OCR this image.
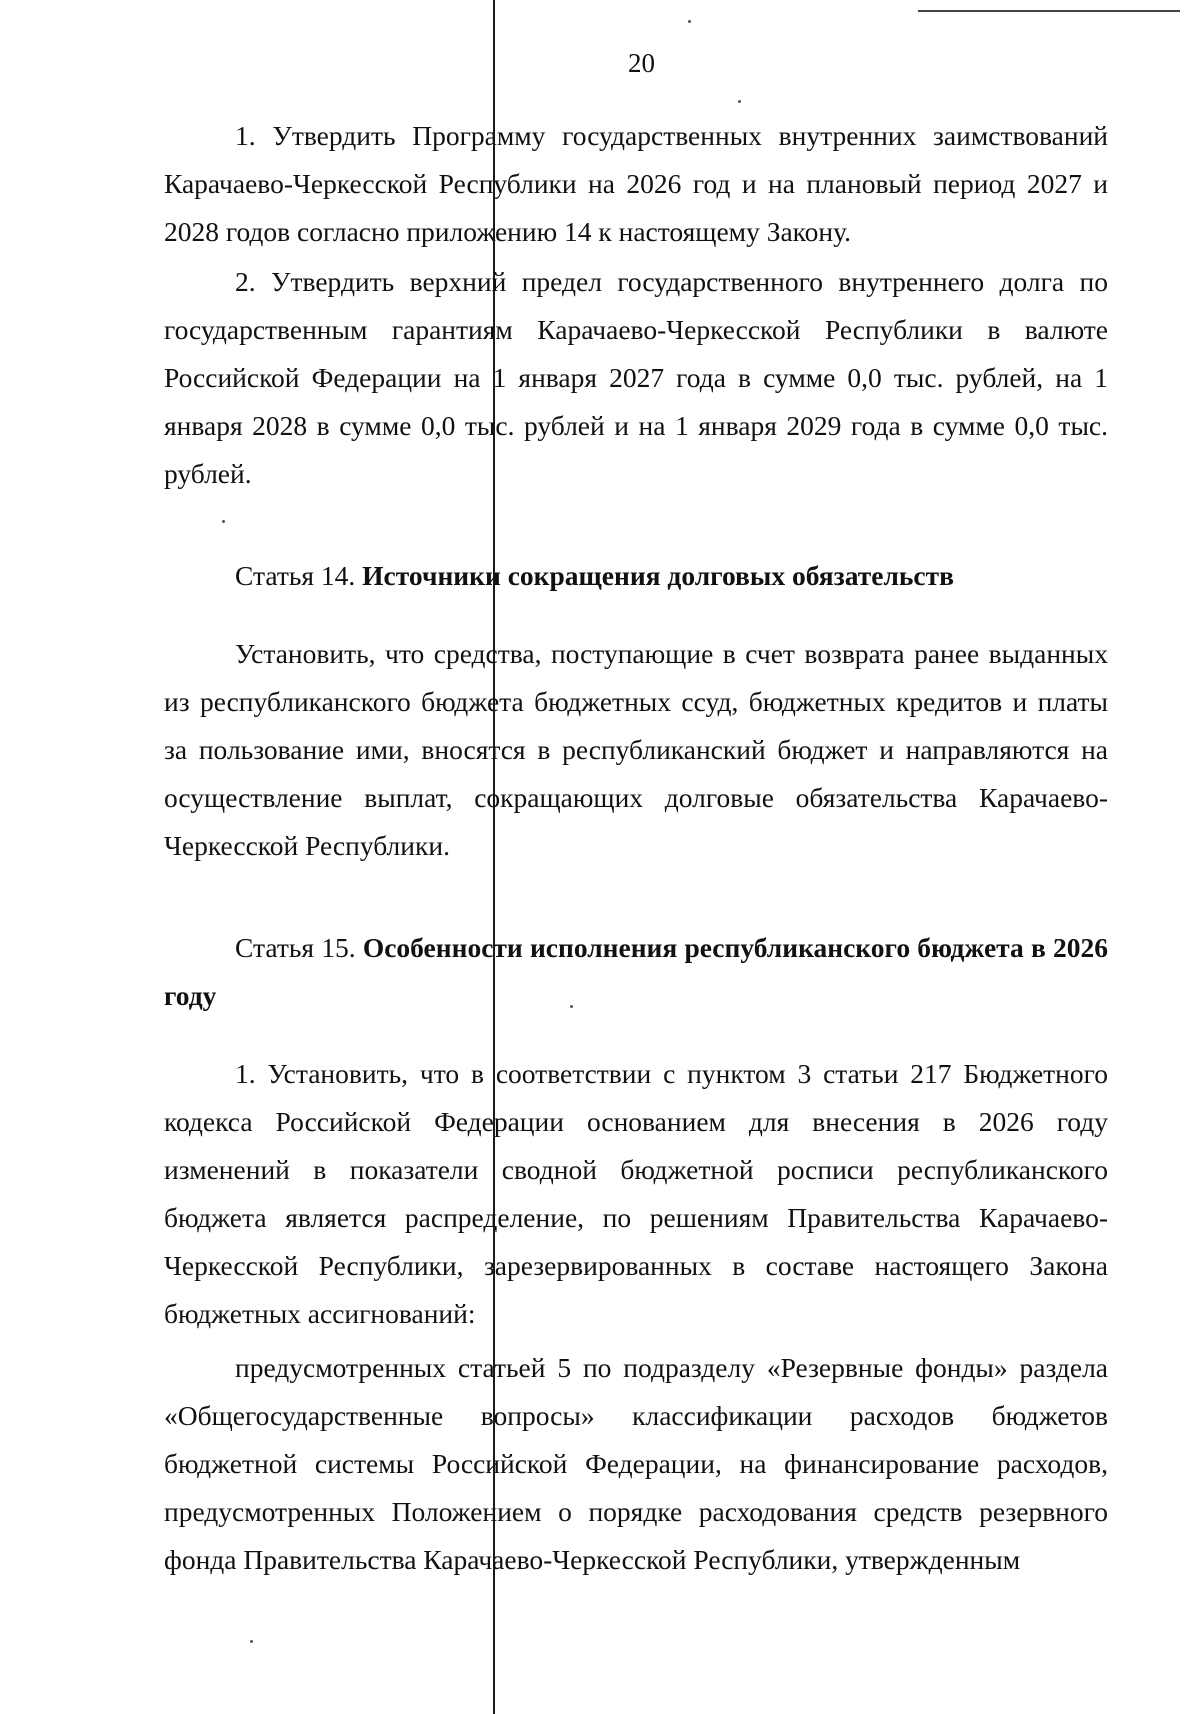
20

1. Утвердить Программу государственных внутренних заимствований Карачаево-Черкесской Республики на 2026 год и на плановый период 2027 и 2028 годов согласно приложению 14 к настоящему Закону.

2. Утвердить верхний предел государственного внутреннего долга по государственным гарантиям Карачаево-Черкесской Республики в валюте Российской Федерации на 1 января 2027 года в сумме 0,0 тыс. рублей, на 1 января 2028 в сумме 0,0 тыс. рублей и на 1 января 2029 года в сумме 0,0 тыс. рублей.

Статья 14. Источники сокращения долговых обязательств

Установить, что средства, поступающие в счет возврата ранее выданных из республиканского бюджета бюджетных ссуд, бюджетных кредитов и платы за пользование ими, вносятся в республиканский бюджет и направляются на осуществление выплат, сокращающих долговые обязательства Карачаево-Черкесской Республики.

Статья 15. Особенности исполнения республиканского бюджета в 2026 году

1. Установить, что в соответствии с пунктом 3 статьи 217 Бюджетного кодекса Российской Федерации основанием для внесения в 2026 году изменений в показатели сводной бюджетной росписи республиканского бюджета является распределение, по решениям Правительства Карачаево-Черкесской Республики, зарезервированных в составе настоящего Закона бюджетных ассигнований:

предусмотренных статьей 5 по подразделу «Резервные фонды» раздела «Общегосударственные вопросы» классификации расходов бюджетов бюджетной системы Российской Федерации, на финансирование расходов, предусмотренных Положением о порядке расходования средств резервного фонда Правительства Карачаево-Черкесской Республики, утвержденным
